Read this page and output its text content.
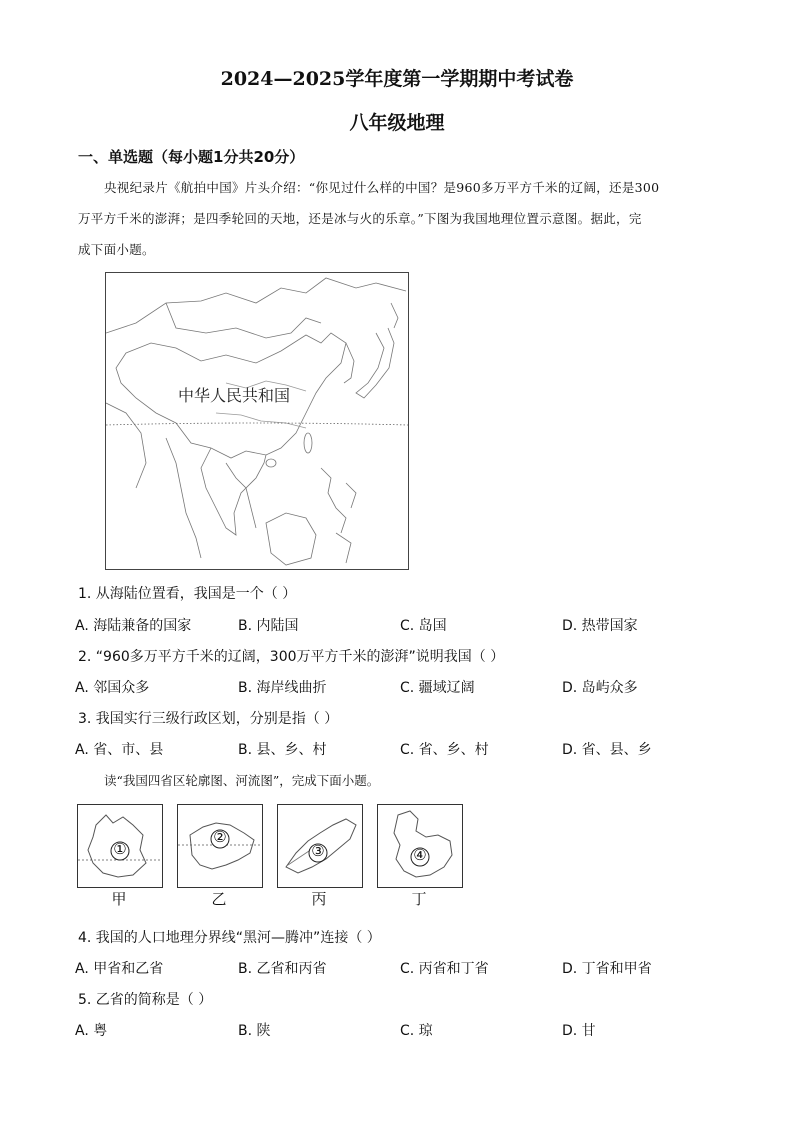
2024—2025学年度第一学期期中考试卷
八年级地理
一、单选题（每小题1分共20分）
央视纪录片《航拍中国》片头介绍：“你见过什么样的中国？是960多万平方千米的辽阔，还是300
万平方千米的澎湃；是四季轮回的天地，还是冰与火的乐章。”下图为我国地理位置示意图。据此，完
成下面小题。
中华人民共和国
1. 从海陆位置看，我国是一个（ ）
A. 海陆兼备的国家	B. 内陆国	C. 岛国	D. 热带国家
2. “960多万平方千米的辽阔，300万平方千米的澎湃”说明我国（ ）
A. 邻国众多	B. 海岸线曲折	C. 疆域辽阔	D. 岛屿众多
3. 我国实行三级行政区划，分别是指（ ）
A. 省、市、县	B. 县、乡、村	C. 省、乡、村	D. 省、县、乡
读“我国四省区轮廓图、河流图”，完成下面小题。
①
甲
②
乙
③
丙
④
丁
4. 我国的人口地理分界线“黑河—腾冲”连接（ ）
A. 甲省和乙省	B. 乙省和丙省	C. 丙省和丁省	D. 丁省和甲省
5. 乙省的简称是（ ）
A. 粤	B. 陕	C. 琼	D. 甘
